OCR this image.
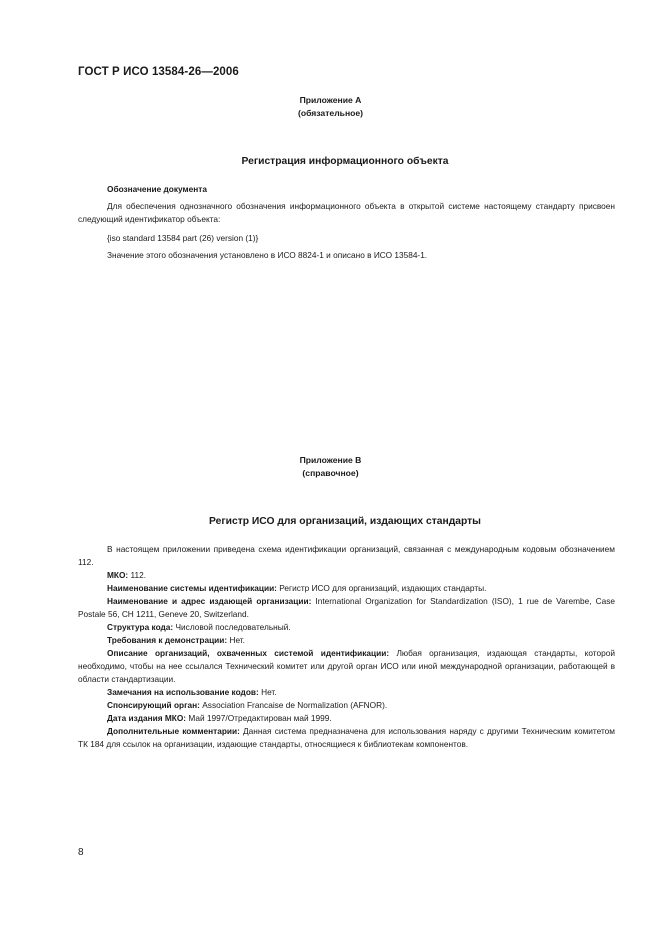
ГОСТ Р ИСО 13584-26—2006
Приложение А
(обязательное)
Регистрация информационного объекта
Обозначение документа
Для обеспечения однозначного обозначения информационного объекта в открытой системе настоящему стандарту присвоен следующий идентификатор объекта:
{iso standard 13584 part (26) version (1)}
Значение этого обозначения установлено в ИСО 8824-1 и описано в ИСО 13584-1.
Приложение В
(справочное)
Регистр ИСО для организаций, издающих стандарты
В настоящем приложении приведена схема идентификации организаций, связанная с международным кодовым обозначением 112.
МКО: 112.
Наименование системы идентификации: Регистр ИСО для организаций, издающих стандарты.
Наименование и адрес издающей организации: International Organization for Standardization (ISO), 1 rue de Varembe, Case Postale 56, CH 1211, Geneve 20, Switzerland.
Структура кода: Числовой последовательный.
Требования к демонстрации: Нет.
Описание организаций, охваченных системой идентификации: Любая организация, издающая стандарты, которой необходимо, чтобы на нее ссылался Технический комитет или другой орган ИСО или иной международной организации, работающей в области стандартизации.
Замечания на использование кодов: Нет.
Спонсирующий орган: Association Francaise de Normalization (AFNOR).
Дата издания МКО: Май 1997/Отредактирован май 1999.
Дополнительные комментарии: Данная система предназначена для использования наряду с другими Техническим комитетом ТК 184 для ссылок на организации, издающие стандарты, относящиеся к библиотекам компонентов.
8
